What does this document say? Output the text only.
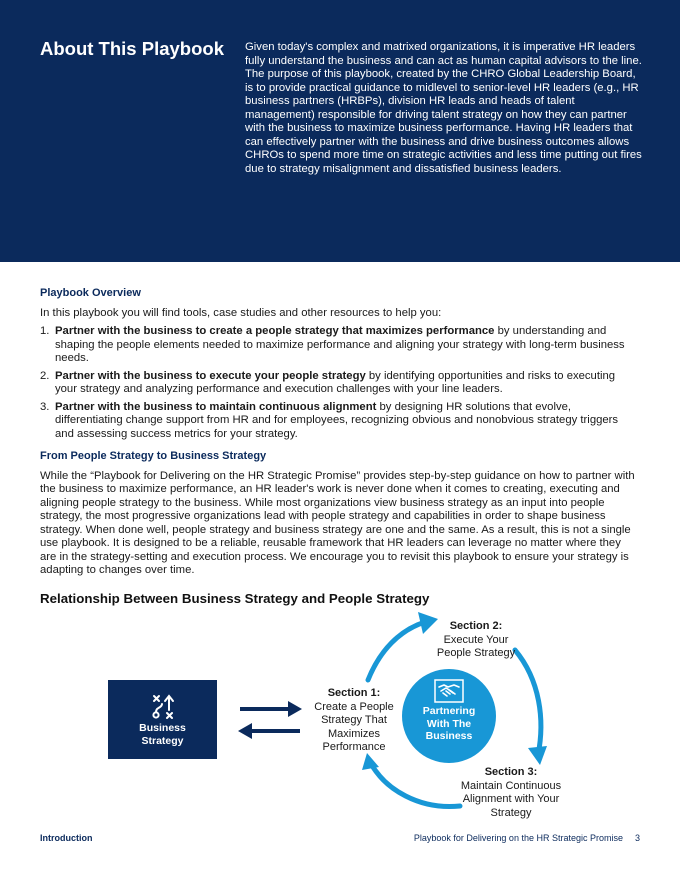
About This Playbook Given today's complex and matrixed organizations, it is imperative HR leaders fully understand the business and can act as human capital advisors to the line. The purpose of this playbook, created by the CHRO Global Leadership Board, is to provide practical guidance to midlevel to senior-level HR leaders (e.g., HR business partners (HRBPs), division HR leads and heads of talent management) responsible for driving talent strategy on how they can partner with the business to maximize business performance. Having HR leaders that can effectively partner with the business and drive business outcomes allows CHROs to spend more time on strategic activities and less time putting out fires due to strategy misalignment and dissatisfied business leaders.

Playbook Overview

In this playbook you will find tools, case studies and other resources to help you:

1. Partner with the business to create a people strategy that maximizes performance by understanding and shaping the people elements needed to maximize performance and aligning your strategy with long-term business needs.
2. Partner with the business to execute your people strategy by identifying opportunities and risks to executing your strategy and analyzing performance and execution challenges with your line leaders.
3. Partner with the business to maintain continuous alignment by designing HR solutions that evolve, differentiating change support from HR and for employees, recognizing obvious and nonobvious strategy triggers and assessing success metrics for your strategy.
From People Strategy to Business Strategy

While the “Playbook for Delivering on the HR Strategic Promise” provides step-by-step guidance on how to partner with the business to maximize performance, an HR leader's work is never done when it comes to creating, executing and aligning people strategy to the business. While most organizations view business strategy as an input into people strategy, the most progressive organizations lead with people strategy and capabilities in order to shape business strategy. When done well, people strategy and business strategy are one and the same. As a result, this is not a single use playbook. It is designed to be a reliable, reusable framework that HR leaders can leverage no matter where they are in the strategy-setting and execution process. We encourage you to revisit this playbook to ensure your strategy is adapting to changes over time.

Relationship Between Business Strategy and People Strategy
Business Strategy
Section 1:
Create a People Strategy That Maximizes Performance
Partnering With The Business
Section 2:
Execute Your People Strategy
Section 3:
Maintain Continuous Alignment with Your Strategy
Introduction	Playbook for Delivering on the HR Strategic Promise 3
